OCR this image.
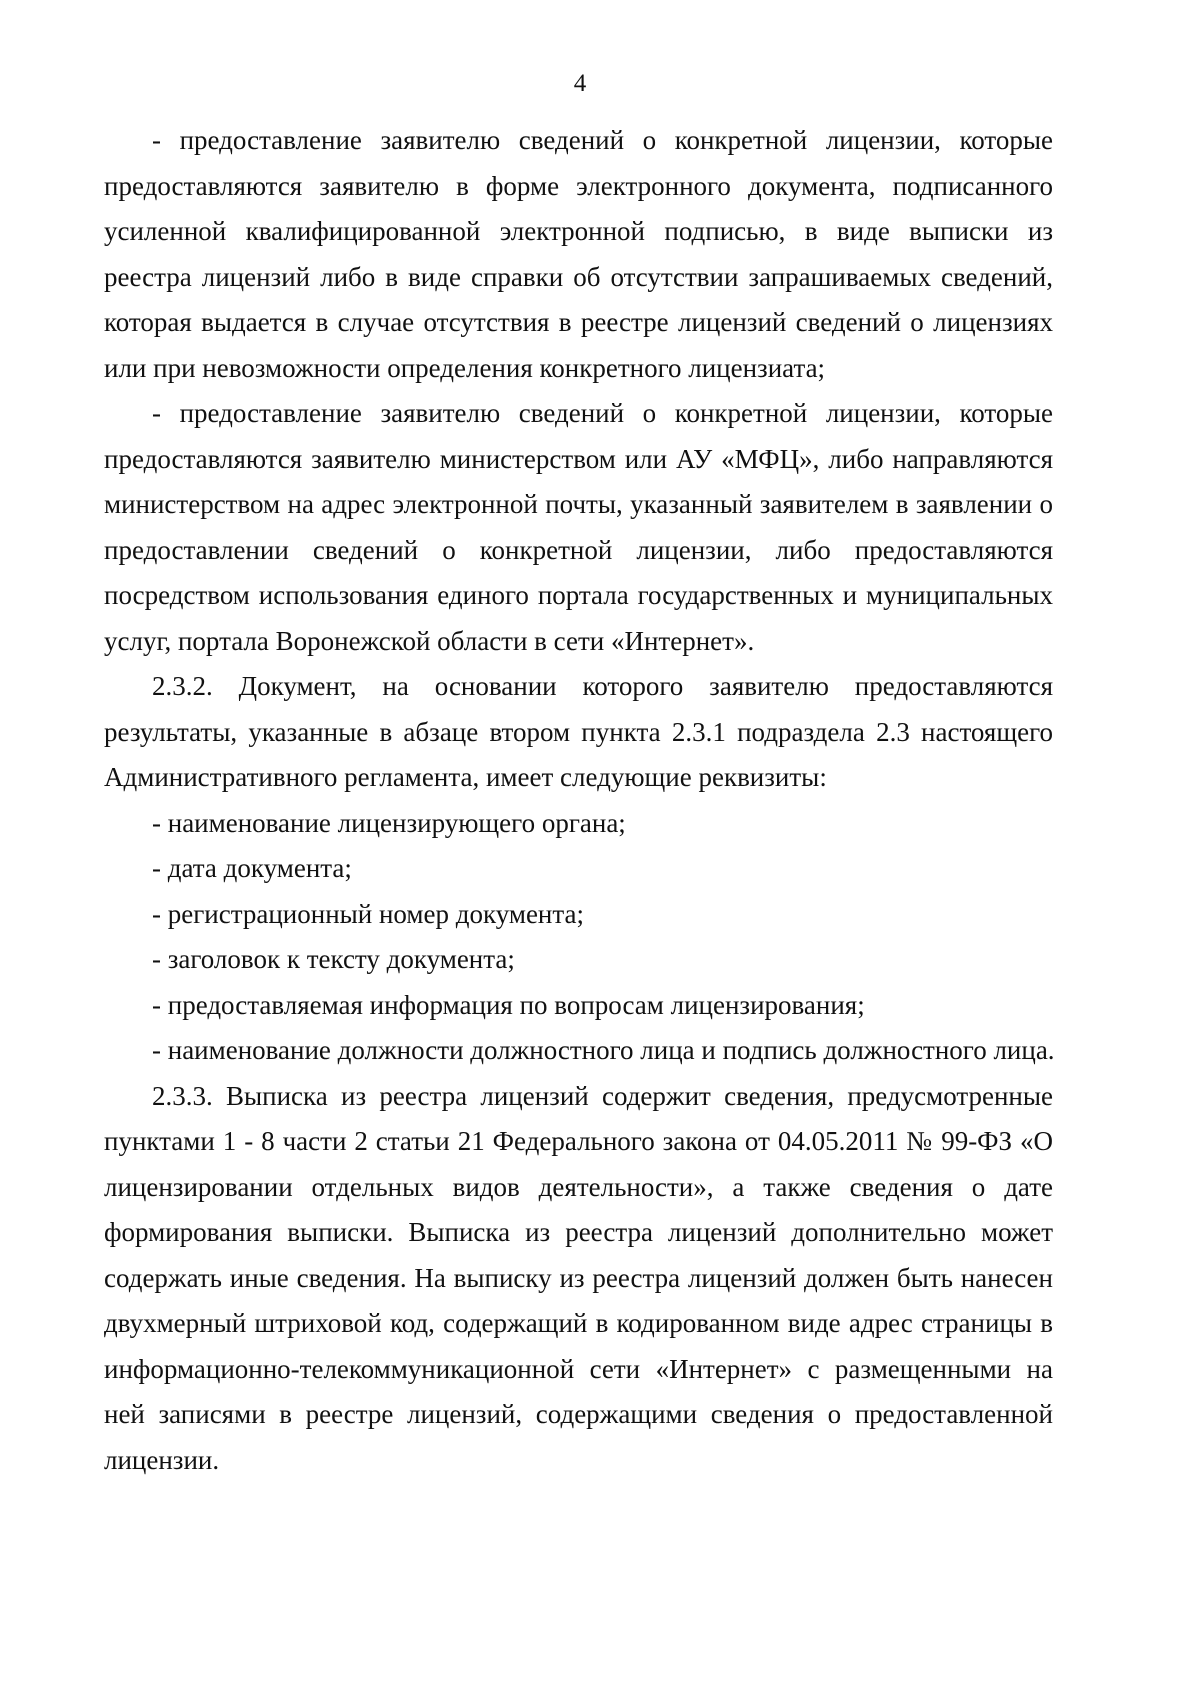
4

- предоставление заявителю сведений о конкретной лицензии, которые предоставляются заявителю в форме электронного документа, подписанного усиленной квалифицированной электронной подписью, в виде выписки из реестра лицензий либо в виде справки об отсутствии запрашиваемых сведений, которая выдается в случае отсутствия в реестре лицензий сведений о лицензиях или при невозможности определения конкретного лицензиата;

- предоставление заявителю сведений о конкретной лицензии, которые предоставляются заявителю министерством или АУ «МФЦ», либо направляются министерством на адрес электронной почты, указанный заявителем в заявлении о предоставлении сведений о конкретной лицензии, либо предоставляются посредством использования единого портала государственных и муниципальных услуг, портала Воронежской области в сети «Интернет».

2.3.2. Документ, на основании которого заявителю предоставляются результаты, указанные в абзаце втором пункта 2.3.1 подраздела 2.3 настоящего Административного регламента, имеет следующие реквизиты:

- наименование лицензирующего органа;

- дата документа;

- регистрационный номер документа;

- заголовок к тексту документа;

- предоставляемая информация по вопросам лицензирования;

- наименование должности должностного лица и подпись должностного лица.

2.3.3. Выписка из реестра лицензий содержит сведения, предусмотренные пунктами 1 - 8 части 2 статьи 21 Федерального закона от 04.05.2011 № 99-ФЗ «О лицензировании отдельных видов деятельности», а также сведения о дате формирования выписки. Выписка из реестра лицензий дополнительно может содержать иные сведения. На выписку из реестра лицензий должен быть нанесен двухмерный штриховой код, содержащий в кодированном виде адрес страницы в информационно-телекоммуникационной сети «Интернет» с размещенными на ней записями в реестре лицензий, содержащими сведения о предоставленной лицензии.
